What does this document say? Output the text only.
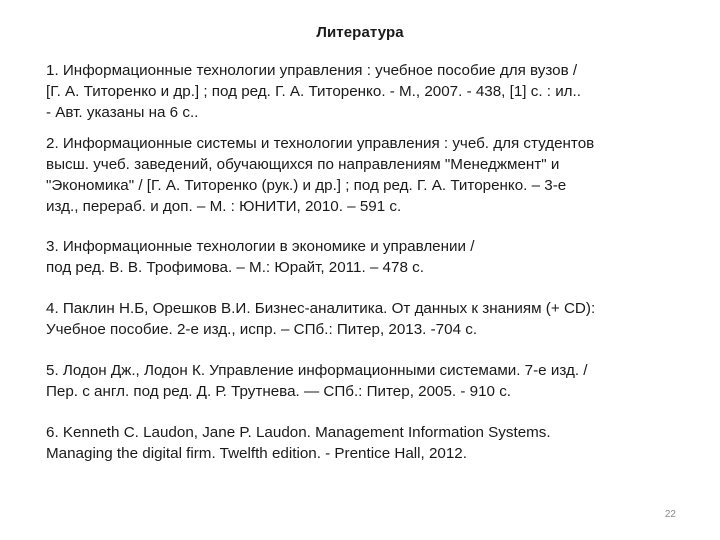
Литература

1. Информационные технологии управления : учебное пособие для вузов /
[Г. А. Титоренко и др.] ; под ред. Г. А. Титоренко. - М., 2007. - 438, [1] с. : ил..
- Авт. указаны на 6 с..

2. Информационные системы и технологии управления : учеб. для студентов
высш. учеб. заведений, обучающихся по направлениям "Менеджмент" и
"Экономика" / [Г. А. Титоренко (рук.) и др.] ; под ред. Г. А. Титоренко. – 3-е
изд., перераб. и доп. – М. : ЮНИТИ, 2010. – 591 с.

3. Информационные технологии в экономике и управлении /
под ред. В. В. Трофимова. – М.: Юрайт, 2011. – 478 с.

4. Паклин Н.Б, Орешков В.И. Бизнес-аналитика. От данных к знаниям (+ CD):
Учебное пособие. 2-е изд., испр. – СПб.: Питер, 2013. -704 с.

5. Лодон Дж., Лодон К. Управление информационными системами. 7-е изд. /
Пер. с англ. под ред. Д. Р. Трутнева. — СПб.: Питер, 2005. - 910 с.

6. Kenneth C. Laudon, Jane P. Laudon. Management Information Systems.
Managing the digital firm. Twelfth edition. - Prentice Hall, 2012.

22
